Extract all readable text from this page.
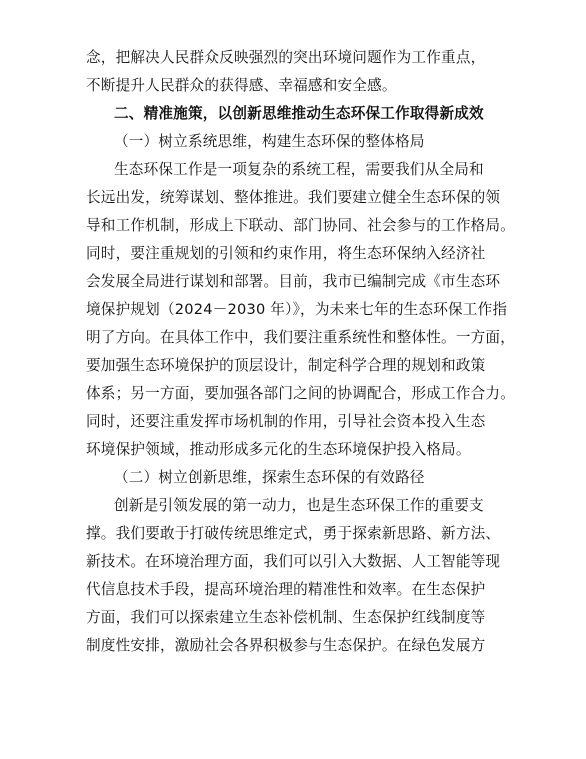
念，把解决人民群众反映强烈的突出环境问题作为工作重点，
不断提升人民群众的获得感、幸福感和安全感。
二、精准施策，以创新思维推动生态环保工作取得新成效
（一）树立系统思维，构建生态环保的整体格局
生态环保工作是一项复杂的系统工程，需要我们从全局和
长远出发，统筹谋划、整体推进。我们要建立健全生态环保的领
导和工作机制，形成上下联动、部门协同、社会参与的工作格局。
同时，要注重规划的引领和约束作用，将生态环保纳入经济社
会发展全局进行谋划和部署。目前，我市已编制完成《市生态环
境保护规划（2024－2030 年）》，为未来七年的生态环保工作指
明了方向。在具体工作中，我们要注重系统性和整体性。一方面，
要加强生态环境保护的顶层设计，制定科学合理的规划和政策
体系；另一方面，要加强各部门之间的协调配合，形成工作合力。
同时，还要注重发挥市场机制的作用，引导社会资本投入生态
环境保护领域，推动形成多元化的生态环境保护投入格局。
（二）树立创新思维，探索生态环保的有效路径
创新是引领发展的第一动力，也是生态环保工作的重要支
撑。我们要敢于打破传统思维定式，勇于探索新思路、新方法、
新技术。在环境治理方面，我们可以引入大数据、人工智能等现
代信息技术手段，提高环境治理的精准性和效率。在生态保护
方面，我们可以探索建立生态补偿机制、生态保护红线制度等
制度性安排，激励社会各界积极参与生态保护。在绿色发展方
